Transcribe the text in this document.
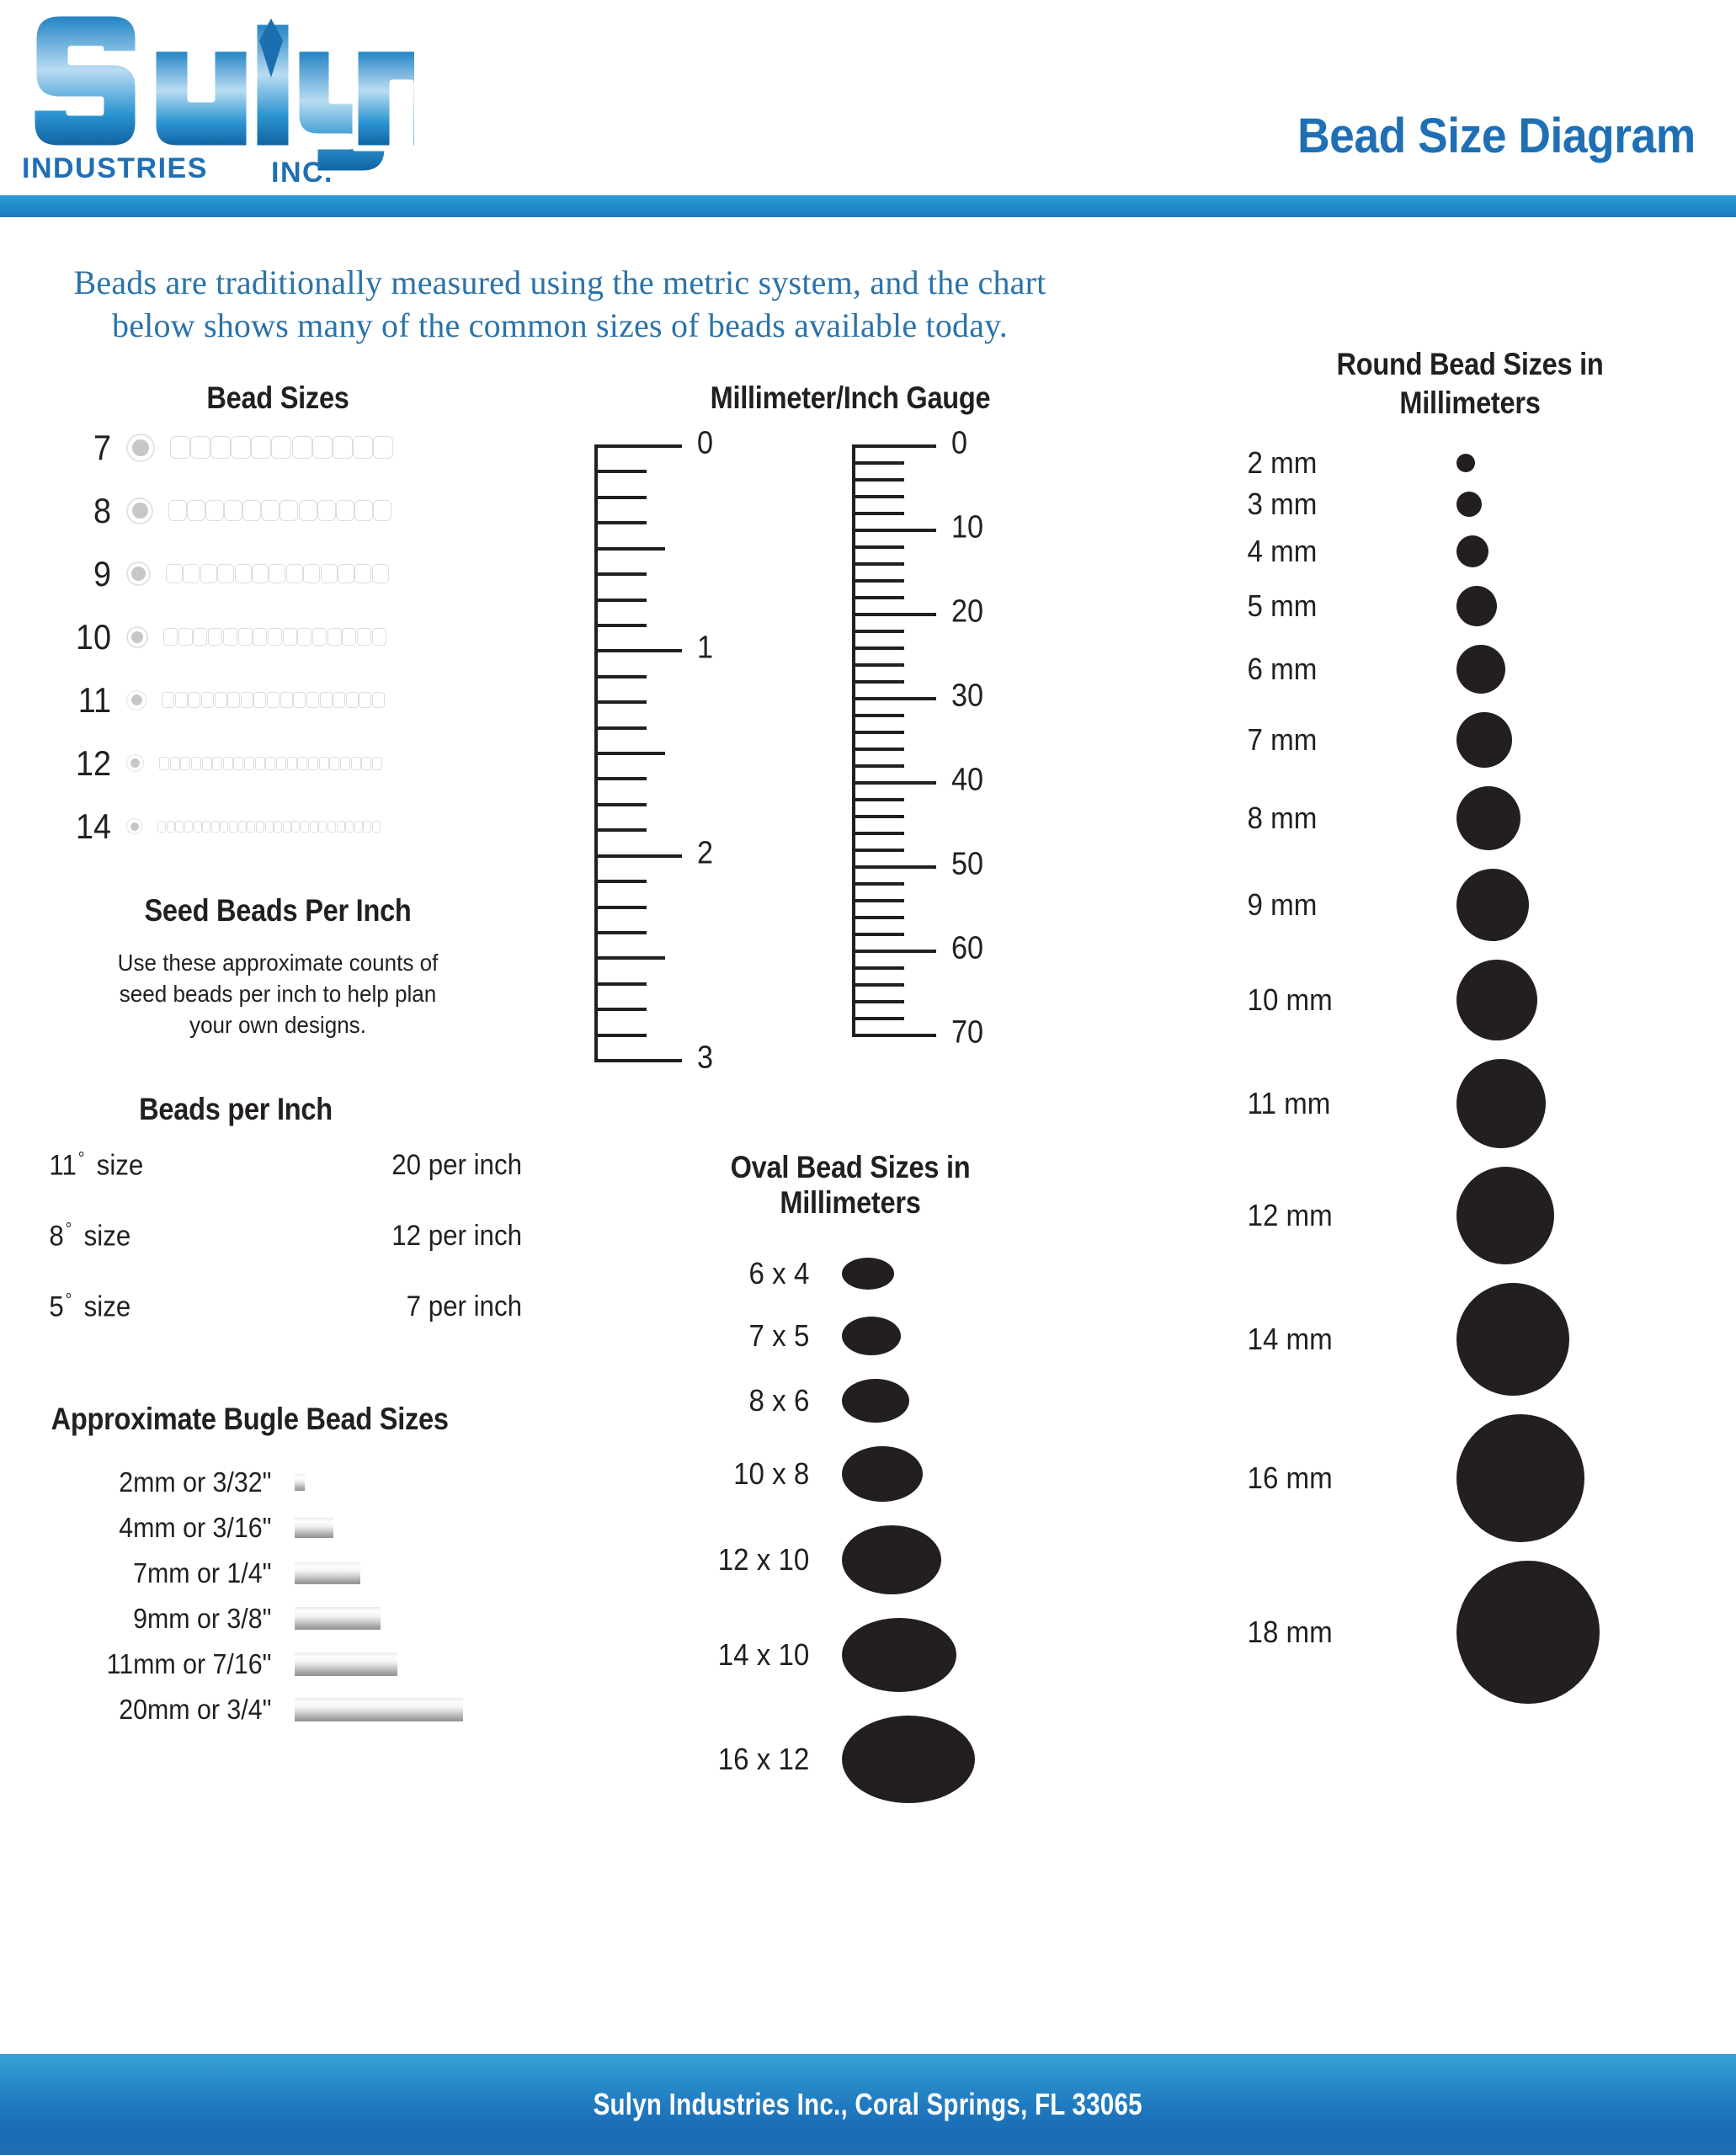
INDUSTRIES INC.
Bead Size Diagram
Beads are traditionally measured using the metric system, and the chart
below shows many of the common sizes of beads available today.
Bead Sizes
7
8
9
10
11
12
14
Seed Beads Per Inch
Use these approximate counts of seed beads per inch to help plan your own designs.
Beads per Inch
11° size	20 per inch
8° size	12 per inch
5° size	7 per inch
Approximate Bugle Bead Sizes
2mm or 3/32"
4mm or 3/16"
7mm or 1/4"
9mm or 3/8"
11mm or 7/16"
20mm or 3/4"
Millimeter/Inch Gauge
0
1
2
3
0
10
20
30
40
50
60
70
Oval Bead Sizes in
Millimeters
6 x 4
7 x 5
8 x 6
10 x 8
12 x 10
14 x 10
16 x 12
Round Bead Sizes in
Millimeters
2 mm
3 mm
4 mm
5 mm
6 mm
7 mm
8 mm
9 mm
10 mm
11 mm
12 mm
14 mm
16 mm
18 mm
Sulyn Industries Inc., Coral Springs, FL 33065
